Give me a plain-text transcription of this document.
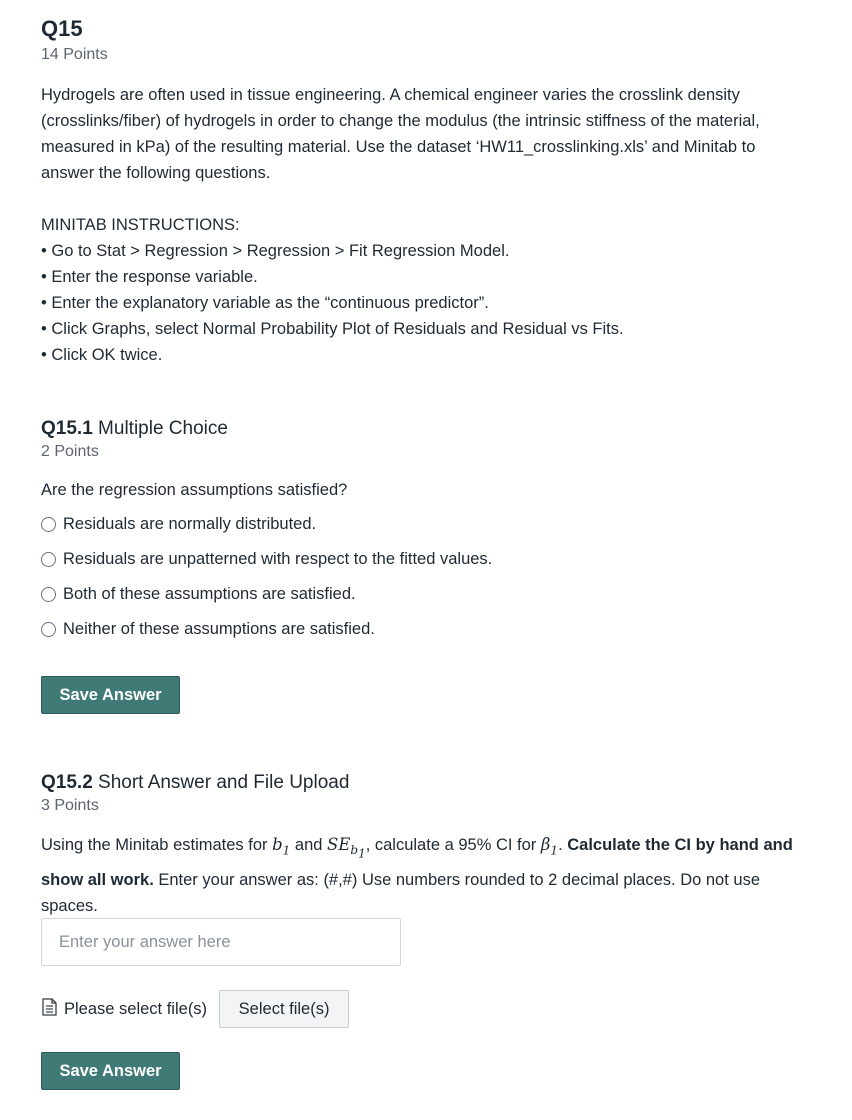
Q15
14 Points
Hydrogels are often used in tissue engineering. A chemical engineer varies the crosslink density (crosslinks/fiber) of hydrogels in order to change the modulus (the intrinsic stiffness of the material, measured in kPa) of the resulting material. Use the dataset ‘HW11_crosslinking.xls’ and Minitab to answer the following questions.
MINITAB INSTRUCTIONS:
• Go to Stat > Regression > Regression > Fit Regression Model.
• Enter the response variable.
• Enter the explanatory variable as the “continuous predictor”.
• Click Graphs, select Normal Probability Plot of Residuals and Residual vs Fits.
• Click OK twice.
Q15.1 Multiple Choice
2 Points
Are the regression assumptions satisfied?
Residuals are normally distributed.
Residuals are unpatterned with respect to the fitted values.
Both of these assumptions are satisfied.
Neither of these assumptions are satisfied.
Save Answer
Q15.2 Short Answer and File Upload
3 Points
Using the Minitab estimates for $b_1$ and $SE_{b_1}$, calculate a 95% CI for $\beta_1$. Calculate the CI by hand and show all work. Enter your answer as: (#,#) Use numbers rounded to 2 decimal places. Do not use spaces.
Enter your answer here
Please select file(s)	Select file(s)
Save Answer
